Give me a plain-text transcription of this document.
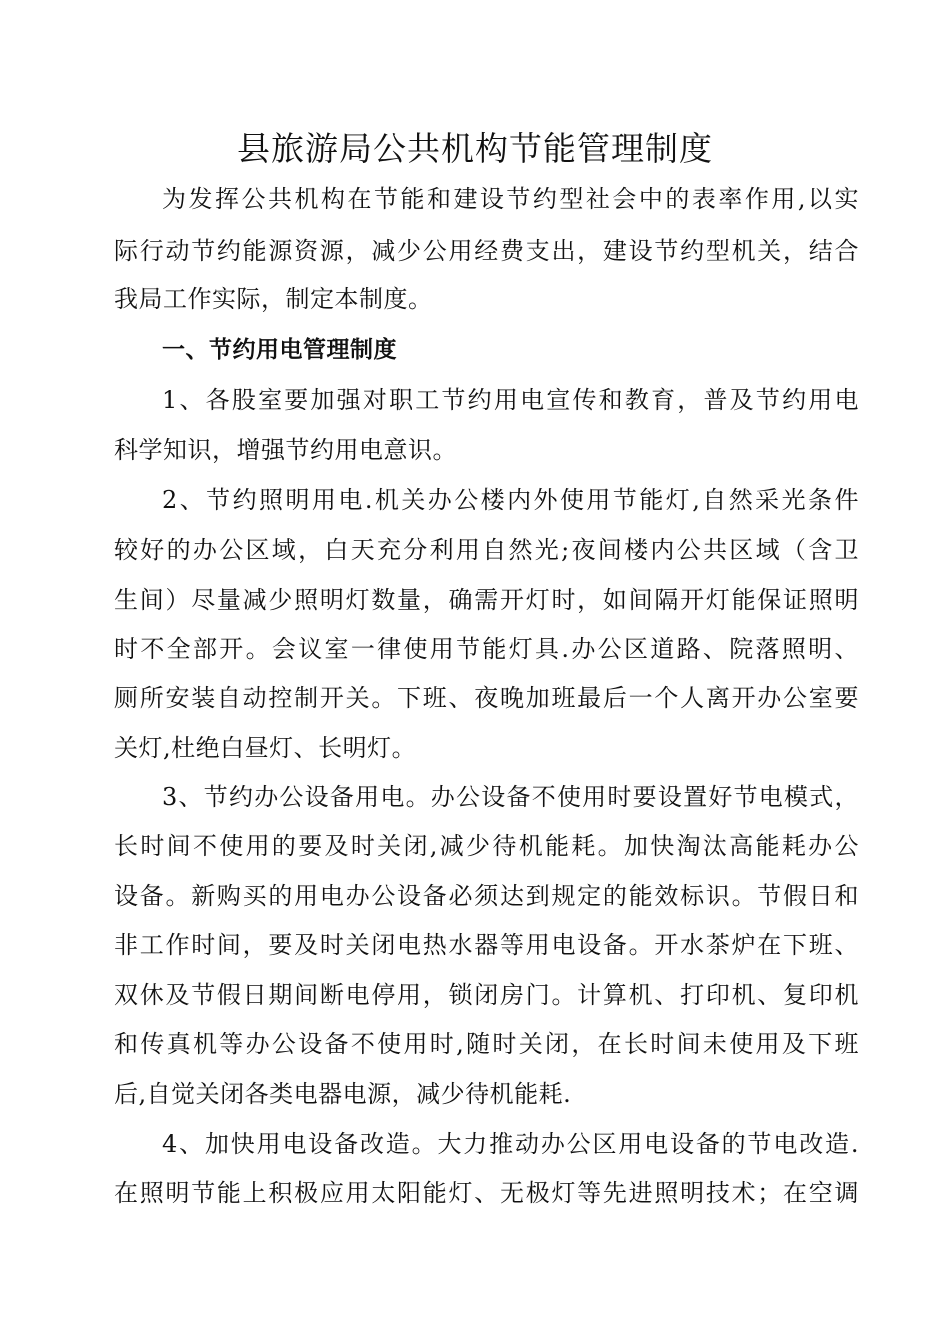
县旅游局公共机构节能管理制度
为发挥公共机构在节能和建设节约型社会中的表率作用,以实
际行动节约能源资源，减少公用经费支出，建设节约型机关，结合
我局工作实际，制定本制度。
一、节约用电管理制度
1、各股室要加强对职工节约用电宣传和教育，普及节约用电
科学知识，增强节约用电意识。
2、节约照明用电.机关办公楼内外使用节能灯,自然采光条件
较好的办公区域，白天充分利用自然光;夜间楼内公共区域（含卫
生间）尽量减少照明灯数量，确需开灯时，如间隔开灯能保证照明
时不全部开。会议室一律使用节能灯具.办公区道路、院落照明、
厕所安装自动控制开关。下班、夜晚加班最后一个人离开办公室要
关灯,杜绝白昼灯、长明灯。
3、节约办公设备用电。办公设备不使用时要设置好节电模式，
长时间不使用的要及时关闭,减少待机能耗。加快淘汰高能耗办公
设备。新购买的用电办公设备必须达到规定的能效标识。节假日和
非工作时间，要及时关闭电热水器等用电设备。开水茶炉在下班、
双休及节假日期间断电停用，锁闭房门。计算机、打印机、复印机
和传真机等办公设备不使用时,随时关闭，在长时间未使用及下班
后,自觉关闭各类电器电源，减少待机能耗.
4、加快用电设备改造。大力推动办公区用电设备的节电改造.
在照明节能上积极应用太阳能灯、无极灯等先进照明技术；在空调
